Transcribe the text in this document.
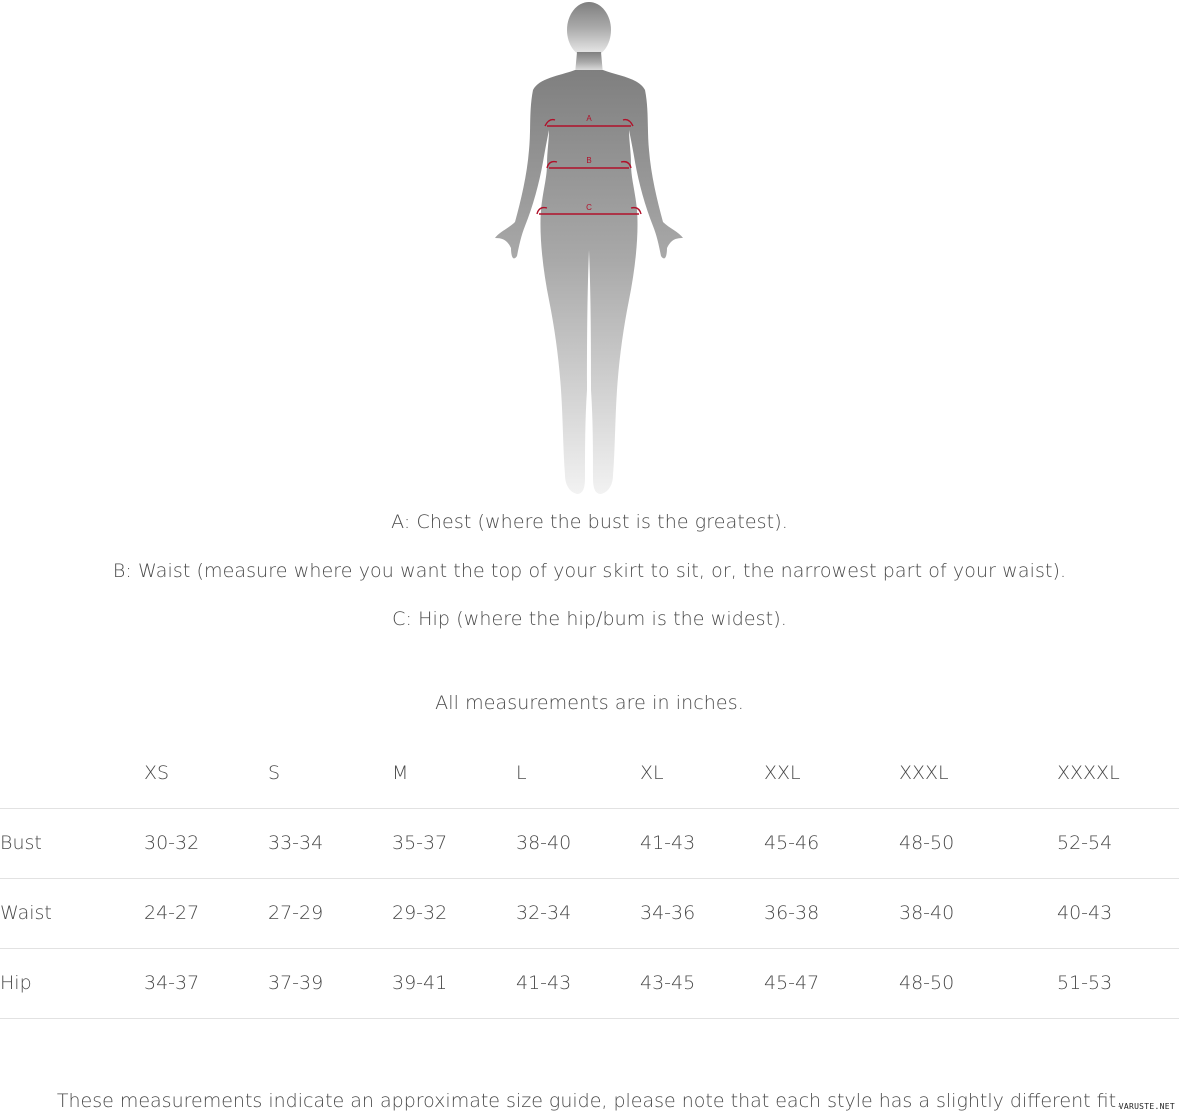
A
B
C
A: Chest (where the bust is the greatest).
B: Waist (measure where you want the top of your skirt to sit, or, the narrowest part of your waist).
C: Hip (where the hip/bum is the widest).
All measurements are in inches.
	XS	S	M	L	XL	XXL	XXXL	XXXXL
Bust	30-32	33-34	35-37	38-40	41-43	45-46	48-50	52-54
Waist	24-27	27-29	29-32	32-34	34-36	36-38	38-40	40-43
Hip	34-37	37-39	39-41	41-43	43-45	45-47	48-50	51-53
These measurements indicate an approximate size guide, please note that each style has a slightly different fit.
VARUSTE.NET
